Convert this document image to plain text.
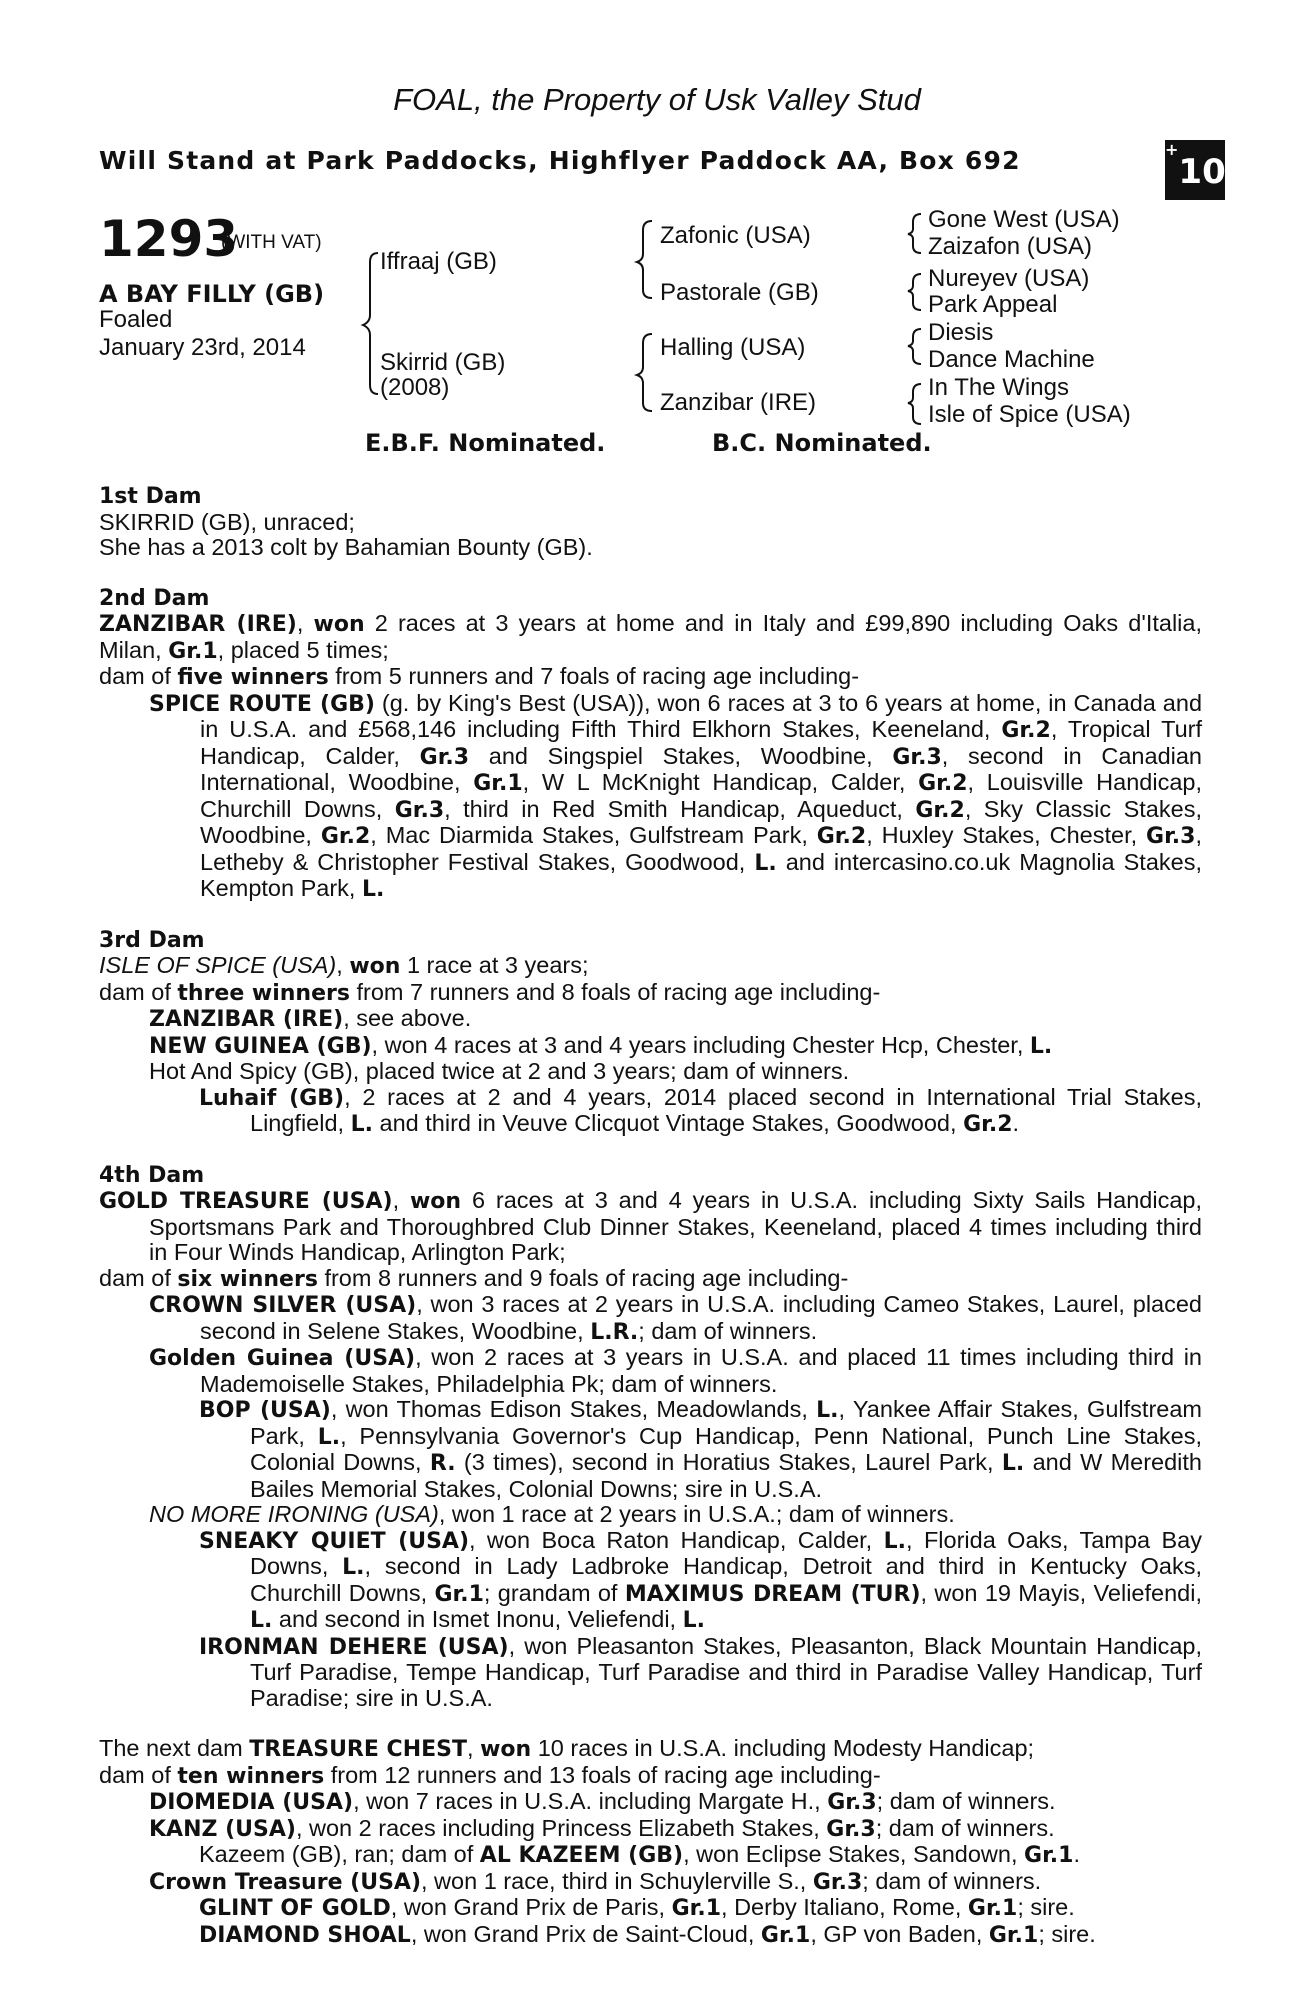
FOAL, the Property of Usk Valley Stud
Will Stand at Park Paddocks, Highflyer Paddock AA, Box 692	+10
1293
(WITH VAT)
A BAY FILLY (GB)
Foaled
January 23rd, 2014
Iffraaj (GB)
Skirrid (GB)
(2008)
Zafonic (USA)
Pastorale (GB)
Halling (USA)
Zanzibar (IRE)
Gone West (USA)
Zaizafon (USA)
Nureyev (USA)
Park Appeal
Diesis
Dance Machine
In The Wings
Isle of Spice (USA)
E.B.F. Nominated.	B.C. Nominated.

1st Dam

SKIRRID (GB), unraced;

She has a 2013 colt by Bahamian Bounty (GB).

2nd Dam

ZANZIBAR (IRE), won 2 races at 3 years at home and in Italy and £99,890 including Oaks d'Italia, Milan, Gr.1, placed 5 times;

dam of five winners from 5 runners and 7 foals of racing age including-

SPICE ROUTE (GB) (g. by King's Best (USA)), won 6 races at 3 to 6 years at home, in Canada and in U.S.A. and £568,146 including Fifth Third Elkhorn Stakes, Keeneland, Gr.2, Tropical Turf Handicap, Calder, Gr.3 and Singspiel Stakes, Woodbine, Gr.3, second in Canadian International, Woodbine, Gr.1, W L McKnight Handicap, Calder, Gr.2, Louisville Handicap, Churchill Downs, Gr.3, third in Red Smith Handicap, Aqueduct, Gr.2, Sky Classic Stakes, Woodbine, Gr.2, Mac Diarmida Stakes, Gulfstream Park, Gr.2, Huxley Stakes, Chester, Gr.3, Letheby & Christopher Festival Stakes, Goodwood, L. and intercasino.co.uk Magnolia Stakes, Kempton Park, L.

3rd Dam

ISLE OF SPICE (USA), won 1 race at 3 years;

dam of three winners from 7 runners and 8 foals of racing age including-

ZANZIBAR (IRE), see above.

NEW GUINEA (GB), won 4 races at 3 and 4 years including Chester Hcp, Chester, L.

Hot And Spicy (GB), placed twice at 2 and 3 years; dam of winners.

Luhaif (GB), 2 races at 2 and 4 years, 2014 placed second in International Trial Stakes, Lingfield, L. and third in Veuve Clicquot Vintage Stakes, Goodwood, Gr.2.

4th Dam

GOLD TREASURE (USA), won 6 races at 3 and 4 years in U.S.A. including Sixty Sails Handicap, Sportsmans Park and Thoroughbred Club Dinner Stakes, Keeneland, placed 4 times including third in Four Winds Handicap, Arlington Park;

dam of six winners from 8 runners and 9 foals of racing age including-

CROWN SILVER (USA), won 3 races at 2 years in U.S.A. including Cameo Stakes, Laurel, placed second in Selene Stakes, Woodbine, L.R.; dam of winners.

Golden Guinea (USA), won 2 races at 3 years in U.S.A. and placed 11 times including third in Mademoiselle Stakes, Philadelphia Pk; dam of winners.

BOP (USA), won Thomas Edison Stakes, Meadowlands, L., Yankee Affair Stakes, Gulfstream Park, L., Pennsylvania Governor's Cup Handicap, Penn National, Punch Line Stakes, Colonial Downs, R. (3 times), second in Horatius Stakes, Laurel Park, L. and W Meredith Bailes Memorial Stakes, Colonial Downs; sire in U.S.A.

NO MORE IRONING (USA), won 1 race at 2 years in U.S.A.; dam of winners.

SNEAKY QUIET (USA), won Boca Raton Handicap, Calder, L., Florida Oaks, Tampa Bay Downs, L., second in Lady Ladbroke Handicap, Detroit and third in Kentucky Oaks, Churchill Downs, Gr.1; grandam of MAXIMUS DREAM (TUR), won 19 Mayis, Veliefendi, L. and second in Ismet Inonu, Veliefendi, L.

IRONMAN DEHERE (USA), won Pleasanton Stakes, Pleasanton, Black Mountain Handicap, Turf Paradise, Tempe Handicap, Turf Paradise and third in Paradise Valley Handicap, Turf Paradise; sire in U.S.A.

The next dam TREASURE CHEST, won 10 races in U.S.A. including Modesty Handicap;

dam of ten winners from 12 runners and 13 foals of racing age including-

DIOMEDIA (USA), won 7 races in U.S.A. including Margate H., Gr.3; dam of winners.

KANZ (USA), won 2 races including Princess Elizabeth Stakes, Gr.3; dam of winners.

Kazeem (GB), ran; dam of AL KAZEEM (GB), won Eclipse Stakes, Sandown, Gr.1.

Crown Treasure (USA), won 1 race, third in Schuylerville S., Gr.3; dam of winners.

GLINT OF GOLD, won Grand Prix de Paris, Gr.1, Derby Italiano, Rome, Gr.1; sire.

DIAMOND SHOAL, won Grand Prix de Saint-Cloud, Gr.1, GP von Baden, Gr.1; sire.
